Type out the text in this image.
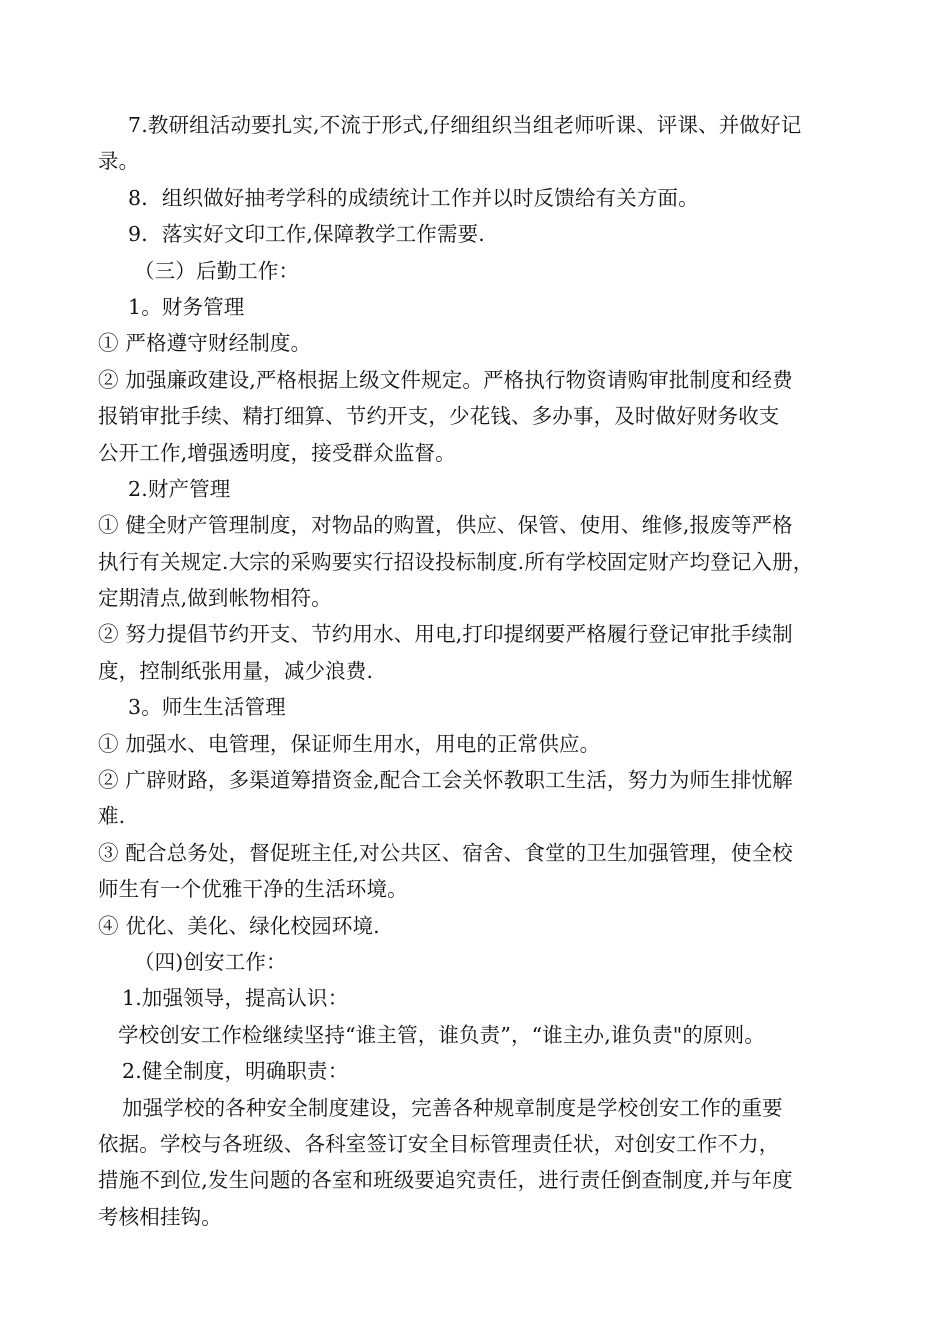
7.教研组活动要扎实,不流于形式,仔细组织当组老师听课、评课、并做好记
录。
8．组织做好抽考学科的成绩统计工作并以时反馈给有关方面。
9．落实好文印工作,保障教学工作需要.
（三）后勤工作：
1。财务管理
① 严格遵守财经制度。
② 加强廉政建设,严格根据上级文件规定。严格执行物资请购审批制度和经费
报销审批手续、精打细算、节约开支，少花钱、多办事，及时做好财务收支
公开工作,增强透明度，接受群众监督。
2.财产管理
① 健全财产管理制度，对物品的购置，供应、保管、使用、维修,报废等严格
执行有关规定.大宗的采购要实行招设投标制度.所有学校固定财产均登记入册，
定期清点,做到帐物相符。
② 努力提倡节约开支、节约用水、用电,打印提纲要严格履行登记审批手续制
度，控制纸张用量，减少浪费.
3。师生生活管理
① 加强水、电管理，保证师生用水，用电的正常供应。
② 广辟财路，多渠道筹措资金,配合工会关怀教职工生活，努力为师生排忧解
难.
③ 配合总务处，督促班主任,对公共区、宿舍、食堂的卫生加强管理，使全校
师生有一个优雅干净的生活环境。
④ 优化、美化、绿化校园环境.
（四)创安工作：
1.加强领导，提高认识：
学校创安工作检继续坚持“谁主管，谁负责”，“谁主办,谁负责"的原则。
2.健全制度，明确职责：
加强学校的各种安全制度建设，完善各种规章制度是学校创安工作的重要
依据。学校与各班级、各科室签订安全目标管理责任状，对创安工作不力，
措施不到位,发生问题的各室和班级要追究责任，进行责任倒查制度,并与年度
考核相挂钩。
